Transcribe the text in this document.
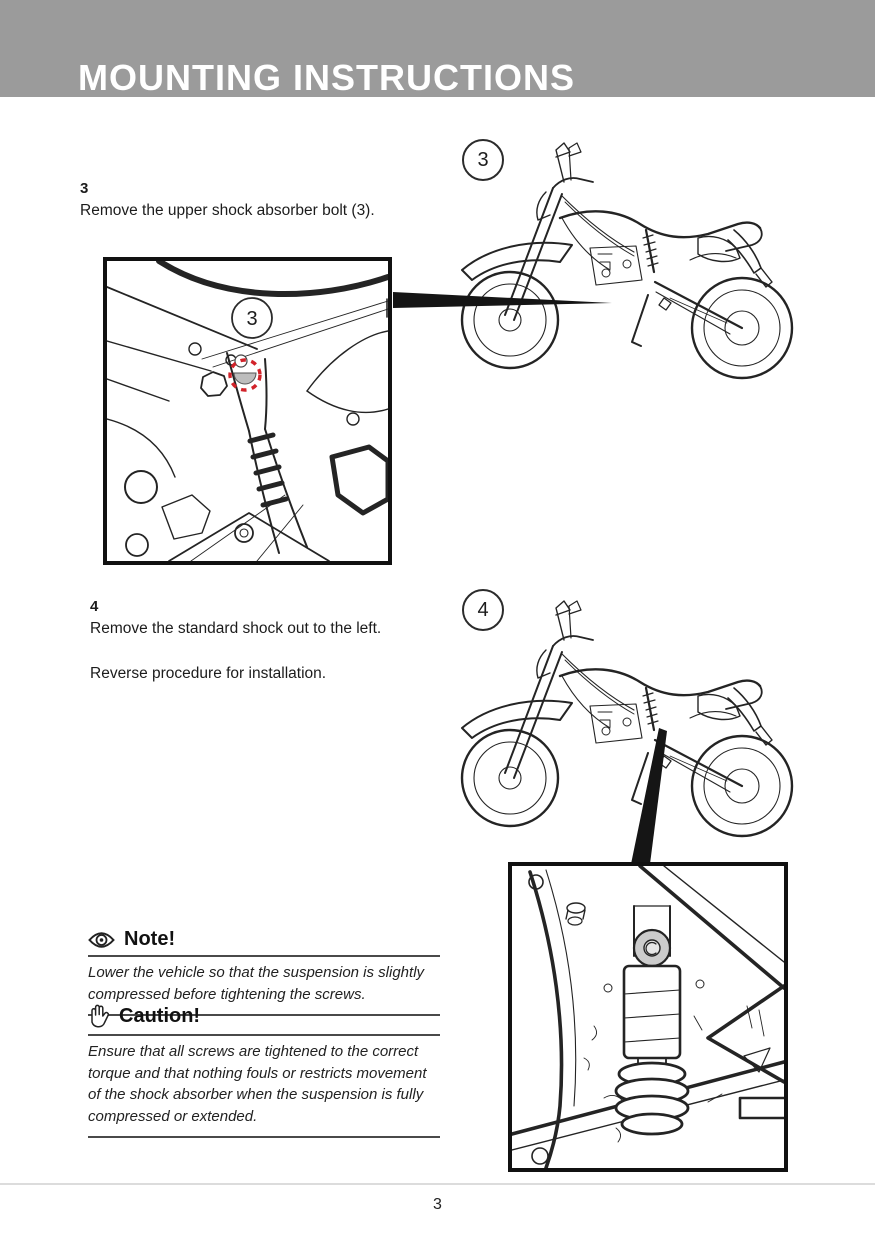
MOUNTING INSTRUCTIONS

3

Remove the upper shock absorber bolt (3).

4

Remove the standard shock out to the left.

Reverse procedure for installation.

3
4
3
Note!
Lower the vehicle so that the suspension is slightly compressed before tightening the screws.
Caution!
Ensure that all screws are tightened to the correct torque and that nothing fouls or restricts movement of the shock absorber when the suspension is fully compressed or extended.
3
